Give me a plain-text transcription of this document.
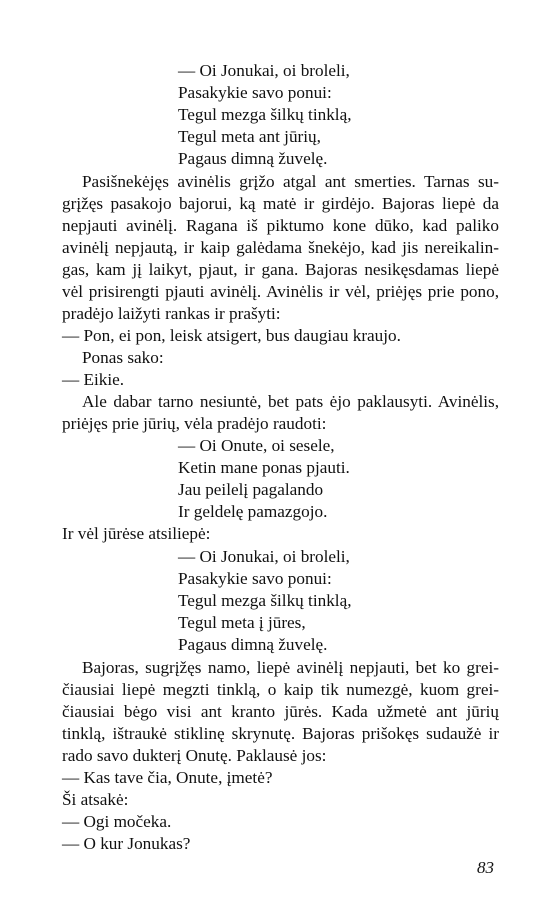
— Oi Jonukai, oi broleli,
Pasakykie savo ponui:
Tegul mezga šilkų tinklą,
Tegul meta ant jūrių,
Pagaus dimną žuvelę.
Pasišnekėjęs avinėlis grįžo atgal ant smerties. Tarnas su-
grįžęs pasakojo bajorui, ką matė ir girdėjo. Bajoras liepė da
nepjauti avinėlį. Ragana iš piktumo kone dūko, kad paliko
avinėlį nepjautą, ir kaip galėdama šnekėjo, kad jis nereikalin-
gas, kam jį laikyt, pjaut, ir gana. Bajoras nesikęsdamas liepė
vėl prisirengti pjauti avinėlį. Avinėlis ir vėl, priėjęs prie pono,
pradėjo laižyti rankas ir prašyti:
— Pon, ei pon, leisk atsigert, bus daugiau kraujo.
Ponas sako:
— Eikie.
Ale dabar tarno nesiuntė, bet pats ėjo paklausyti. Avinėlis,
priėjęs prie jūrių, vėla pradėjo raudoti:
— Oi Onute, oi sesele,
Ketin mane ponas pjauti.
Jau peilelį pagalando
Ir geldelę pamazgojo.
Ir vėl jūrėse atsiliepė:
— Oi Jonukai, oi broleli,
Pasakykie savo ponui:
Tegul mezga šilkų tinklą,
Tegul meta į jūres,
Pagaus dimną žuvelę.
Bajoras, sugrįžęs namo, liepė avinėlį nepjauti, bet ko grei-
čiausiai liepė megzti tinklą, o kaip tik numezgė, kuom grei-
čiausiai bėgo visi ant kranto jūrės. Kada užmetė ant jūrių
tinklą, ištraukė stiklinę skrynutę. Bajoras prišokęs sudaužė ir
rado savo dukterį Onutę. Paklausė jos:
— Kas tave čia, Onute, įmetė?
Ši atsakė:
— Ogi močeka.
— O kur Jonukas?
83
